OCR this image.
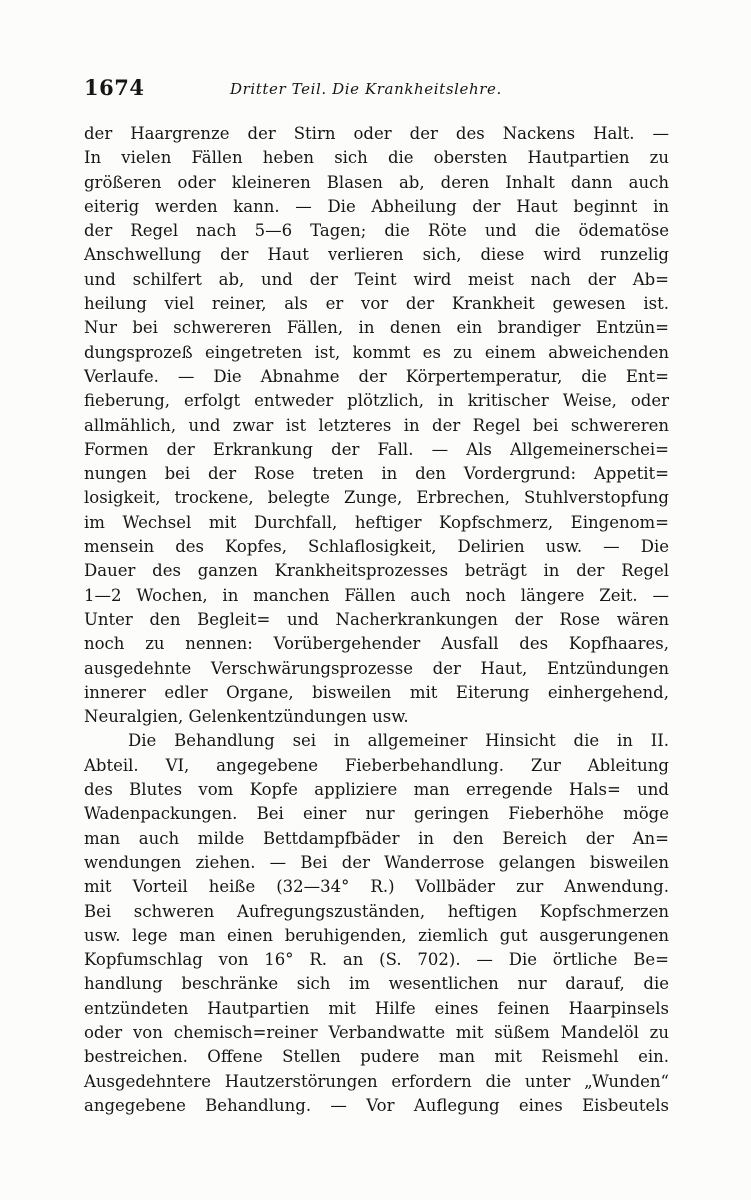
1674	Dritter Teil. Die Krankheitslehre.
der Haargrenze der Stirn oder der des Nackens Halt. —
In vielen Fällen heben sich die obersten Hautpartien zu
größeren oder kleineren Blasen ab, deren Inhalt dann auch
eiterig werden kann. — Die Abheilung der Haut beginnt in
der Regel nach 5—6 Tagen; die Röte und die ödematöse
Anschwellung der Haut verlieren sich, diese wird runzelig
und schilfert ab, und der Teint wird meist nach der Ab=
heilung viel reiner, als er vor der Krankheit gewesen ist.
Nur bei schwereren Fällen, in denen ein brandiger Entzün=
dungsprozeß eingetreten ist, kommt es zu einem abweichenden
Verlaufe. — Die Abnahme der Körpertemperatur, die Ent=
fieberung, erfolgt entweder plötzlich, in kritischer Weise, oder
allmählich, und zwar ist letzteres in der Regel bei schwereren
Formen der Erkrankung der Fall. — Als Allgemeinerschei=
nungen bei der Rose treten in den Vordergrund: Appetit=
losigkeit, trockene, belegte Zunge, Erbrechen, Stuhlverstopfung
im Wechsel mit Durchfall, heftiger Kopfschmerz, Eingenom=
mensein des Kopfes, Schlaflosigkeit, Delirien usw. — Die
Dauer des ganzen Krankheitsprozesses beträgt in der Regel
1—2 Wochen, in manchen Fällen auch noch längere Zeit. —
Unter den Begleit= und Nacherkrankungen der Rose wären
noch zu nennen: Vorübergehender Ausfall des Kopfhaares,
ausgedehnte Verschwärungsprozesse der Haut, Entzündungen
innerer edler Organe, bisweilen mit Eiterung einhergehend,
Neuralgien, Gelenkentzündungen usw.
Die Behandlung sei in allgemeiner Hinsicht die in II.
Abteil. VI, angegebene Fieberbehandlung. Zur Ableitung
des Blutes vom Kopfe appliziere man erregende Hals= und
Wadenpackungen. Bei einer nur geringen Fieberhöhe möge
man auch milde Bettdampfbäder in den Bereich der An=
wendungen ziehen. — Bei der Wanderrose gelangen bisweilen
mit Vorteil heiße (32—34° R.) Vollbäder zur Anwendung.
Bei schweren Aufregungszuständen, heftigen Kopfschmerzen
usw. lege man einen beruhigenden, ziemlich gut ausgerungenen
Kopfumschlag von 16° R. an (S. 702). — Die örtliche Be=
handlung beschränke sich im wesentlichen nur darauf, die
entzündeten Hautpartien mit Hilfe eines feinen Haarpinsels
oder von chemisch=reiner Verbandwatte mit süßem Mandelöl zu
bestreichen. Offene Stellen pudere man mit Reismehl ein.
Ausgedehntere Hautzerstörungen erfordern die unter „Wunden“
angegebene Behandlung. — Vor Auflegung eines Eisbeutels
